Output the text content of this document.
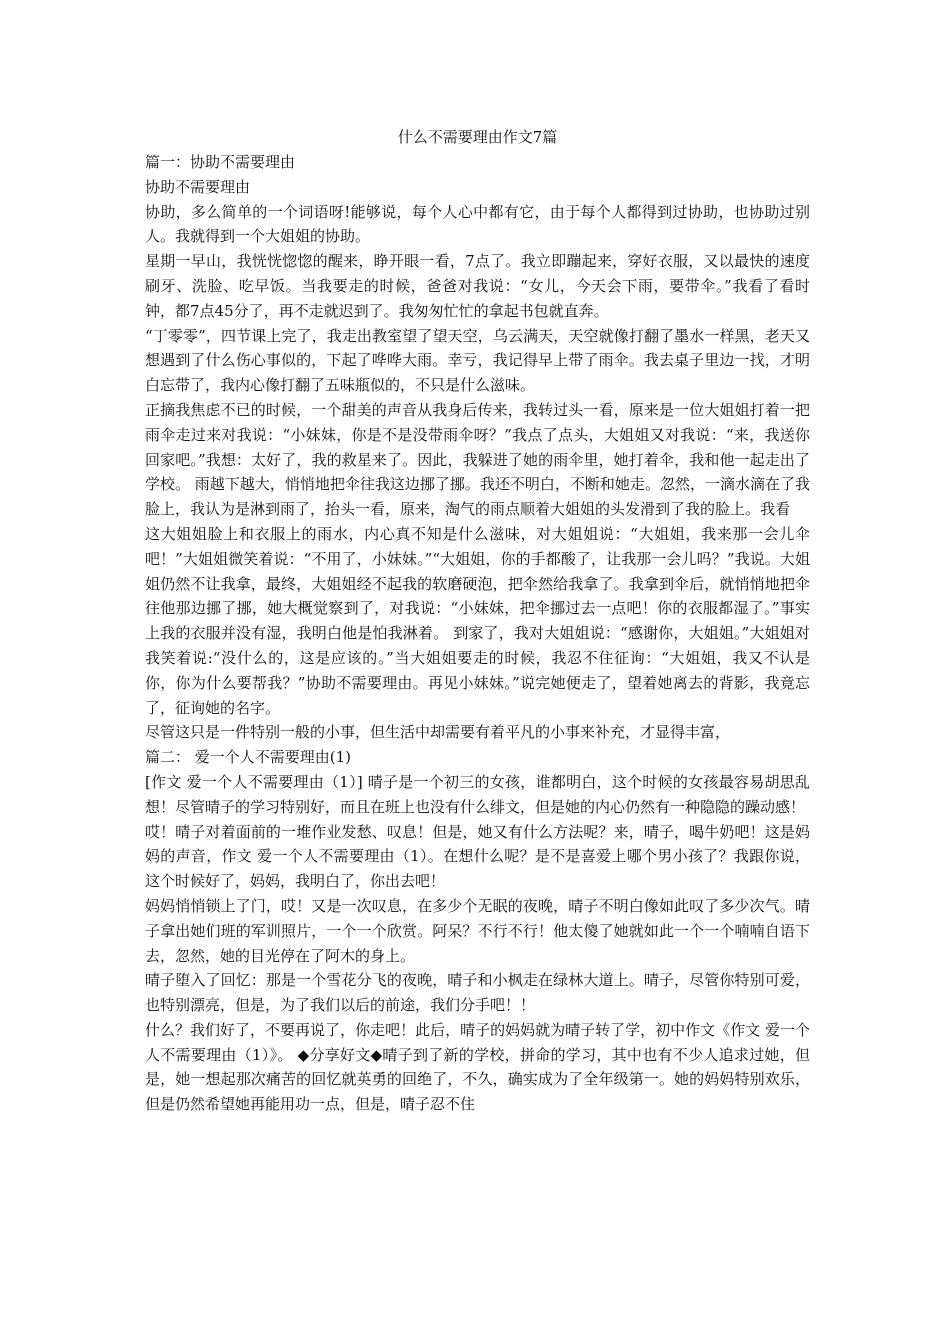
什么不需要理由作文7篇

篇一：协助不需要理由

协助不需要理由

协助，多么简单的一个词语呀!能够说，每个人心中都有它，由于每个人都得到过协助，也协助过别人。我就得到一个大姐姐的协助。

星期一早山，我恍恍惚惚的醒来，睁开眼一看，7点了。我立即蹦起来，穿好衣服，又以最快的速度刷牙、洗脸、吃早饭。当我要走的时候，爸爸对我说：“女儿，今天会下雨，要带伞。”我看了看时钟，都7点45分了，再不走就迟到了。我匆匆忙忙的拿起书包就直奔。

“丁零零”，四节课上完了，我走出教室望了望天空，乌云满天，天空就像打翻了墨水一样黑，老天又想遇到了什么伤心事似的，下起了哗哗大雨。幸亏，我记得早上带了雨伞。我去桌子里边一找，才明白忘带了，我内心像打翻了五味瓶似的，不只是什么滋味。

正摘我焦虑不已的时候，一个甜美的声音从我身后传来，我转过头一看，原来是一位大姐姐打着一把雨伞走过来对我说：“小妹妹，你是不是没带雨伞呀？”我点了点头，大姐姐又对我说：“来，我送你回家吧。”我想：太好了，我的救星来了。因此，我躲进了她的雨伞里，她打着伞，我和他一起走出了学校。 雨越下越大，悄悄地把伞往我这边挪了挪。我还不明白，不断和她走。忽然，一滴水滴在了我脸上，我认为是淋到雨了，抬头一看，原来，淘气的雨点顺着大姐姐的头发滑到了我的脸上。我看

这大姐姐脸上和衣服上的雨水，内心真不知是什么滋味，对大姐姐说：“大姐姐，我来那一会儿伞吧！”大姐姐微笑着说：“不用了，小妹妹。”“大姐姐，你的手都酸了，让我那一会儿吗？”我说。大姐姐仍然不让我拿，最终，大姐姐经不起我的软磨硬泡，把伞然给我拿了。我拿到伞后，就悄悄地把伞往他那边挪了挪，她大概觉察到了，对我说：“小妹妹，把伞挪过去一点吧！你的衣服都湿了。”事实上我的衣服并没有湿，我明白他是怕我淋着。 到家了，我对大姐姐说：“感谢你，大姐姐。”大姐姐对我笑着说:“没什么的，这是应该的。”当大姐姐要走的时候，我忍不住征询：“大姐姐，我又不认是你，你为什么要帮我？”协助不需要理由。再见小妹妹。”说完她便走了，望着她离去的背影，我竟忘了，征询她的名字。

尽管这只是一件特别一般的小事，但生活中却需要有着平凡的小事来补充，才显得丰富，

篇二： 爱一个人不需要理由(1)

[作文 爱一个人不需要理由（1）] 晴子是一个初三的女孩，谁都明白，这个时候的女孩最容易胡思乱想！尽管晴子的学习特别好，而且在班上也没有什么绯文，但是她的内心仍然有一种隐隐的躁动感！

哎！晴子对着面前的一堆作业发愁、叹息！但是，她又有什么方法呢？来，晴子，喝牛奶吧！这是妈妈的声音，作文 爱一个人不需要理由（1）。在想什么呢？是不是喜爱上哪个男小孩了？我跟你说，这个时候好了，妈妈，我明白了，你出去吧！

妈妈悄悄锁上了门，哎！又是一次叹息，在多少个无眠的夜晚，晴子不明白像如此叹了多少次气。晴子拿出她们班的军训照片，一个一个欣赏。阿呆？不行不行！他太傻了她就如此一个一个喃喃自语下去，忽然，她的目光停在了阿木的身上。

晴子堕入了回忆：那是一个雪花分飞的夜晚，晴子和小枫走在绿林大道上。晴子，尽管你特别可爱，也特别漂亮，但是，为了我们以后的前途，我们分手吧！！

什么？我们好了，不要再说了，你走吧！此后，晴子的妈妈就为晴子转了学，初中作文《作文 爱一个人不需要理由（1）》。 ◆分享好文◆晴子到了新的学校，拼命的学习，其中也有不少人追求过她，但是，她一想起那次痛苦的回忆就英勇的回绝了，不久，确实成为了全年级第一。她的妈妈特别欢乐，但是仍然希望她再能用功一点，但是，晴子忍不住
